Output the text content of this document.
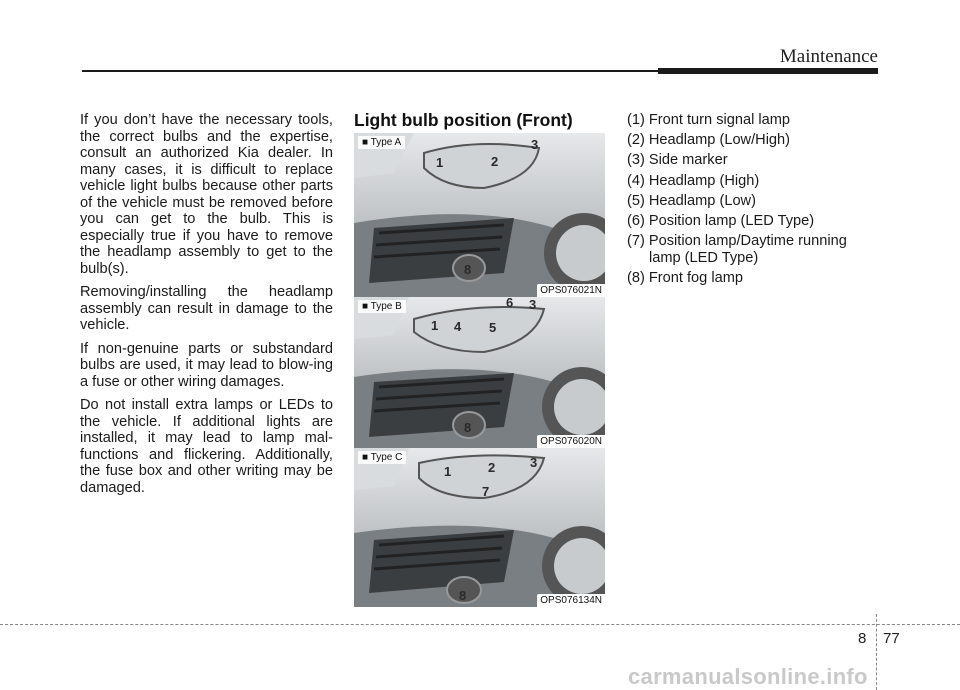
Maintenance

If you don’t have the necessary tools, the correct bulbs and the expertise, consult an authorized Kia dealer. In many cases, it is difficult to replace vehicle light bulbs because other parts of the vehicle must be removed before you can get to the bulb. This is especially true if you have to remove the headlamp assembly to get to the bulb(s).

Removing/installing the headlamp assembly can result in damage to the vehicle.

If non-genuine parts or substandard bulbs are used, it may lead to blow-ing a fuse or other wiring damages.

Do not install extra lamps or LEDs to the vehicle. If additional lights are installed, it may lead to lamp mal-functions and flickering. Additionally, the fuse box and other writing may be damaged.

Light bulb position (Front)
1	2
3
8
■ Type A
OPS076021N
1 4 5
6 3
8
■ Type B
OPS076020N
1	2	3
7
8
■ Type C
OPS076134N
(1) Front turn signal lamp
(2) Headlamp (Low/High)
(3) Side marker
(4) Headlamp (High)
(5) Headlamp (Low)
(6) Position lamp (LED Type)
(7) Position lamp/Daytime running lamp (LED Type)
(8) Front fog lamp
8 77
carmanualsonline.info
